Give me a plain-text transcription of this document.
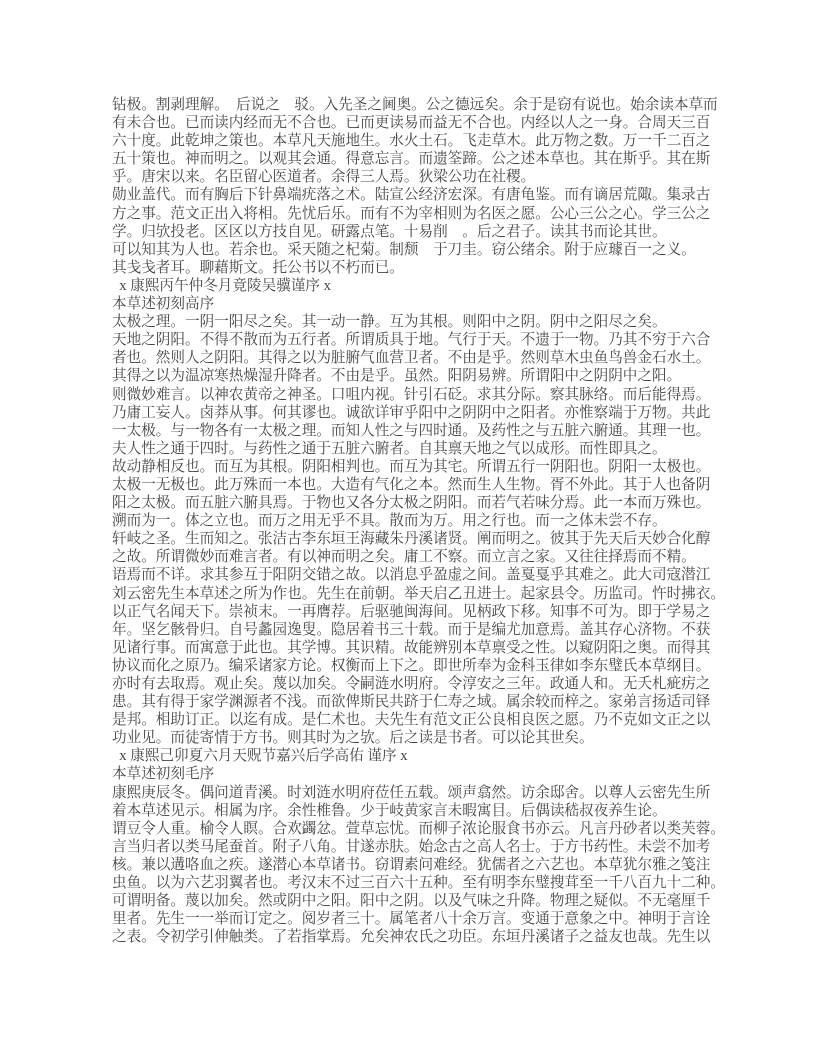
钻极。割剥理解。　后说之　驳。入先圣之阃奥。公之德远矣。余于是窃有说也。始余读本草而
有未合也。已而读内经而无不合也。已而更读易而益无不合也。内经以人之一身。合周天三百
六十度。此乾坤之策也。本草凡天施地生。水火土石。飞走草木。此万物之数。万一千二百之
五十策也。神而明之。以观其会通。得意忘言。而遗筌蹄。公之述本草也。其在斯乎。其在斯
乎。唐宋以来。名臣留心医道者。余得三人焉。狄梁公功在社稷。
勋业盖代。而有胸后下针鼻端疣落之术。陆宣公经济宏深。有唐龟鉴。而有谪居荒陬。集录古
方之事。范文正出入将相。先忧后乐。而有不为宰相则为名医之愿。公心三公之心。学三公之
学。归欤投老。区区以方技自见。研露点笔。十易削　。后之君子。读其书而论其世。
可以知其为人也。若余也。采天随之杞菊。制颓　于刀圭。窃公绪余。附于应璩百一之义。
其戋戋者耳。聊藉斯文。托公书以不朽而已。
x 康熙丙午仲冬月竟陵吴骥谨序 x
本草述初刻高序
太极之理。一阴一阳尽之矣。其一动一静。互为其根。则阳中之阴。阴中之阳尽之矣。
天地之阴阳。不得不散而为五行者。所谓质具于地。气行于天。不遗于一物。乃其不穷于六合
者也。然则人之阴阳。其得之以为脏腑气血营卫者。不由是乎。然则草木虫鱼鸟兽金石水土。
其得之以为温凉寒热燥湿升降者。不由是乎。虽然。阳阴易辨。所谓阳中之阴阴中之阳。
则微妙难言。以神农黄帝之神圣。口咀内视。针引石砭。求其分际。察其脉络。而后能得焉。
乃庸工妄人。卤莽从事。何其谬也。诚欲详审乎阳中之阴阴中之阳者。亦惟察端于万物。共此
一太极。与一物各有一太极之理。而知人性之与四时通。及药性之与五脏六腑通。其理一也。
夫人性之通于四时。与药性之通于五脏六腑者。自其禀天地之气以成形。而性即具之。
故动静相反也。而互为其根。阴阳相判也。而互为其宅。所谓五行一阴阳也。阴阳一太极也。
太极一无极也。此万殊而一本也。大造有气化之本。然而生人生物。胥不外此。其于人也备阴
阳之太极。而五脏六腑具焉。于物也又各分太极之阴阳。而若气若味分焉。此一本而万殊也。
溯而为一。体之立也。而万之用无乎不具。散而为万。用之行也。而一之体未尝不存。
轩岐之圣。生而知之。张洁古李东垣王海藏朱丹溪诸贤。阐而明之。彼其于先天后天妙合化醇
之故。所谓微妙而难言者。有以神而明之矣。庸工不察。而立言之家。又往往择焉而不精。
语焉而不详。求其参互于阳阴交错之故。以消息乎盈虚之间。盖戛戛乎其难之。此大司寇潜江
刘云密先生本草述之所为作也。先生在前朝。举天启乙丑进士。起家县令。历监司。忤时拂衣。
以正气名闻天下。崇祯末。一再膺荐。后驱驰闽海间。见柄政下移。知事不可为。即于学易之
年。坚乞骸骨归。自号蠡园逸叟。隐居着书三十载。而于是编尤加意焉。盖其存心济物。不获
见诸行事。而寓意于此也。其学博。其识精。故能辨别本草禀受之性。以窥阴阳之奥。而得其
协议而化之原乃。编采诸家方论。权衡而上下之。即世所奉为金科玉律如李东璧氏本草纲目。
亦时有去取焉。观止矣。蔑以加矣。令嗣涟水明府。令淳安之三年。政通人和。无夭札疵疠之
患。其有得于家学渊源者不浅。而欲俾斯民共跻于仁寿之域。属余较而梓之。家弟言扬适司铎
是邦。相助订正。以迄有成。是仁术也。夫先生有范文正公良相良医之愿。乃不克如文正之以
功业见。而徒寄情于方书。则其时为之欤。后之读是书者。可以论其世矣。
x 康熙己卯夏六月天贶节嘉兴后学高佑 谨序 x
本草述初刻毛序
康熙庚辰冬。偶问道青溪。时刘涟水明府莅任五载。颂声翕然。访余邸舍。以尊人云密先生所
着本草述见示。相属为序。余性椎鲁。少于岐黄家言未暇寓目。后偶读嵇叔夜养生论。
谓豆令人重。榆令人瞑。合欢蠲忿。萱草忘忧。而柳子浓论服食书亦云。凡言丹砂者以类芙蓉。
言当归者以类马尾蚕首。附子八角。甘遂赤肤。始念古之高人名士。于方书药性。未尝不加考
核。兼以遘咯血之疾。遂潜心本草诸书。窃谓素问难经。犹儒者之六艺也。本草犹尔雅之笺注
虫鱼。以为六艺羽翼者也。考汉末不过三百六十五种。至有明李东璧搜茸至一千八百九十二种。
可谓明备。蔑以加矣。然或阴中之阳。阳中之阴。以及气味之升降。物理之疑似。不无毫厘千
里者。先生一一举而订定之。阅岁者三十。属笔者八十余万言。变通于意象之中。神明于言诠
之表。令初学引伸触类。了若指掌焉。允矣神农氏之功臣。东垣丹溪诸子之益友也哉。先生以
